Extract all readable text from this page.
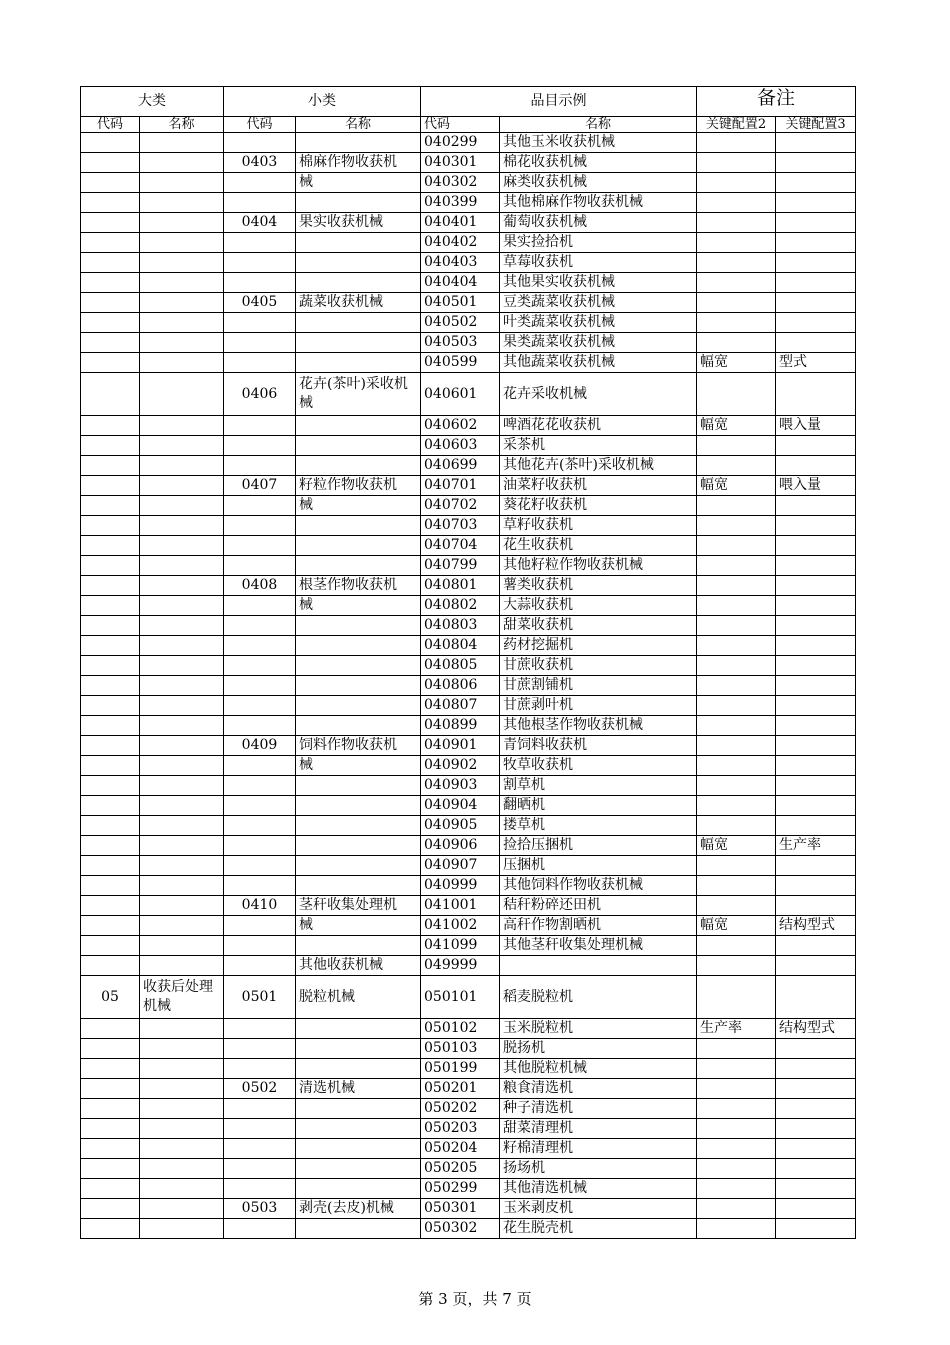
大类		小类		品目示例		备注	
代码	名称	代码	名称	代码	名称	关键配置2	关键配置3
				040299	其他玉米收获机械		
		0403	棉麻作物收获机	040301	棉花收获机械		
			械	040302	麻类收获机械		
				040399	其他棉麻作物收获机械		
		0404	果实收获机械	040401	葡萄收获机械		
				040402	果实捡拾机		
				040403	草莓收获机		
				040404	其他果实收获机械		
		0405	蔬菜收获机械	040501	豆类蔬菜收获机械		
				040502	叶类蔬菜收获机械		
				040503	果类蔬菜收获机械		
				040599	其他蔬菜收获机械	幅宽	型式
		0406	花卉(茶叶)采收机械	040601	花卉采收机械		
				040602	啤酒花花收获机	幅宽	喂入量
				040603	采茶机		
				040699	其他花卉(茶叶)采收机械		
		0407	籽粒作物收获机	040701	油菜籽收获机	幅宽	喂入量
			械	040702	葵花籽收获机		
				040703	草籽收获机		
				040704	花生收获机		
				040799	其他籽粒作物收获机械		
		0408	根茎作物收获机	040801	薯类收获机		
			械	040802	大蒜收获机		
				040803	甜菜收获机		
				040804	药材挖掘机		
				040805	甘蔗收获机		
				040806	甘蔗割铺机		
				040807	甘蔗剥叶机		
				040899	其他根茎作物收获机械		
		0409	饲料作物收获机	040901	青饲料收获机		
			械	040902	牧草收获机		
				040903	割草机		
				040904	翻晒机		
				040905	搂草机		
				040906	捡拾压捆机	幅宽	生产率
				040907	压捆机		
				040999	其他饲料作物收获机械		
		0410	茎秆收集处理机	041001	秸秆粉碎还田机		
			械	041002	高秆作物割晒机	幅宽	结构型式
				041099	其他茎秆收集处理机械		
			其他收获机械	049999			
05	收获后处理机械	0501	脱粒机械	050101	稻麦脱粒机		
				050102	玉米脱粒机	生产率	结构型式
				050103	脱扬机		
				050199	其他脱粒机械		
		0502	清选机械	050201	粮食清选机		
				050202	种子清选机		
				050203	甜菜清理机		
				050204	籽棉清理机		
				050205	扬场机		
				050299	其他清选机械		
		0503	剥壳(去皮)机械	050301	玉米剥皮机		
				050302	花生脱壳机		
第 3 页，共 7 页
